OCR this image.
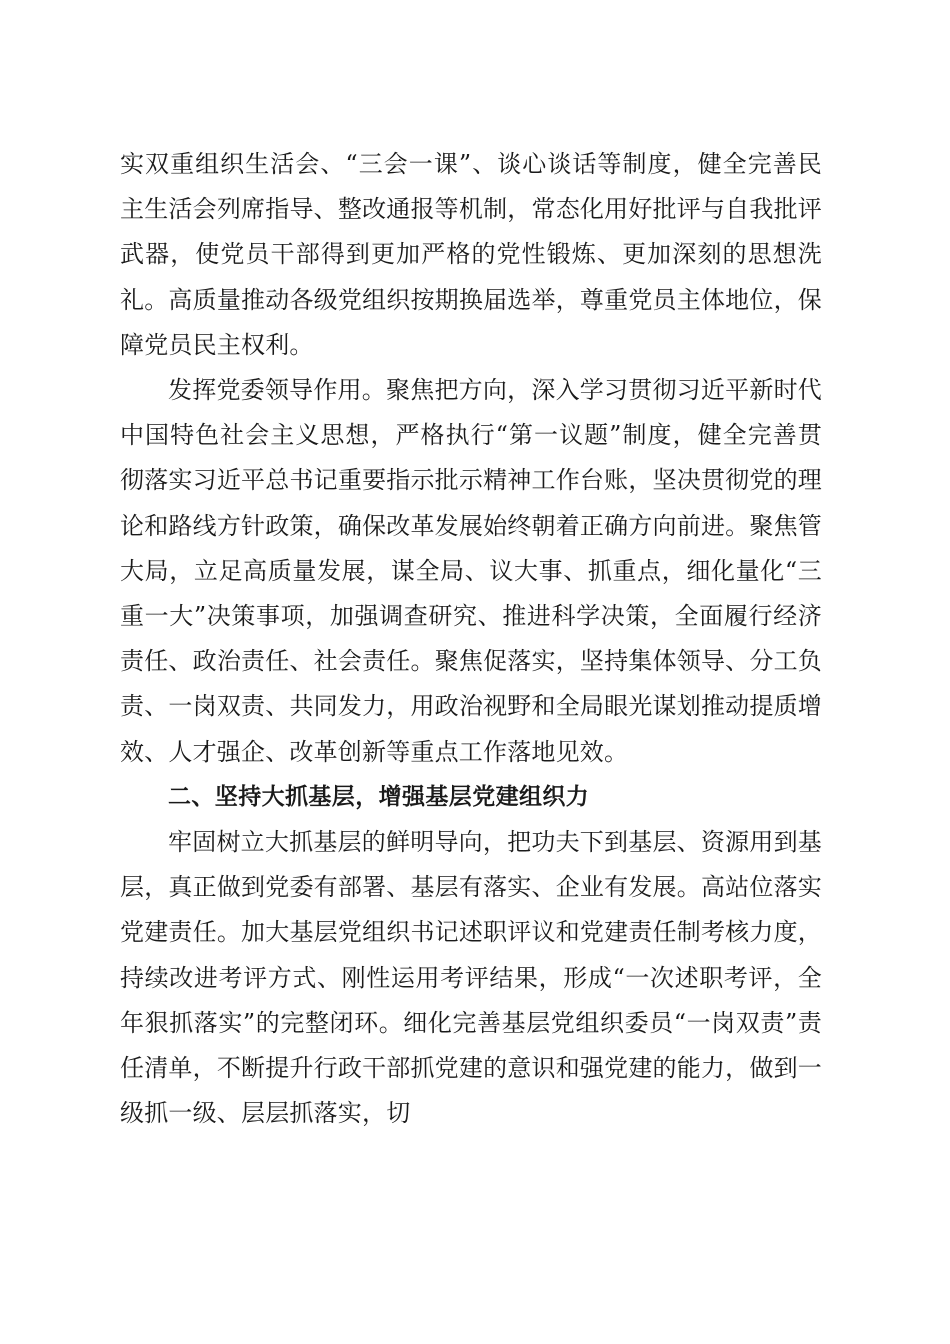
实双重组织生活会、“三会一课”、谈心谈话等制度，健全完善民主生活会列席指导、整改通报等机制，常态化用好批评与自我批评武器，使党员干部得到更加严格的党性锻炼、更加深刻的思想洗礼。高质量推动各级党组织按期换届选举，尊重党员主体地位，保障党员民主权利。

发挥党委领导作用。聚焦把方向，深入学习贯彻习近平新时代中国特色社会主义思想，严格执行“第一议题”制度，健全完善贯彻落实习近平总书记重要指示批示精神工作台账，坚决贯彻党的理论和路线方针政策，确保改革发展始终朝着正确方向前进。聚焦管大局，立足高质量发展，谋全局、议大事、抓重点，细化量化“三重一大”决策事项，加强调查研究、推进科学决策，全面履行经济责任、政治责任、社会责任。聚焦促落实，坚持集体领导、分工负责、一岗双责、共同发力，用政治视野和全局眼光谋划推动提质增效、人才强企、改革创新等重点工作落地见效。

二、坚持大抓基层，增强基层党建组织力

牢固树立大抓基层的鲜明导向，把功夫下到基层、资源用到基层，真正做到党委有部署、基层有落实、企业有发展。高站位落实党建责任。加大基层党组织书记述职评议和党建责任制考核力度，持续改进考评方式、刚性运用考评结果，形成“一次述职考评，全年狠抓落实”的完整闭环。细化完善基层党组织委员“一岗双责”责任清单，不断提升行政干部抓党建的意识和强党建的能力，做到一级抓一级、层层抓落实，切
